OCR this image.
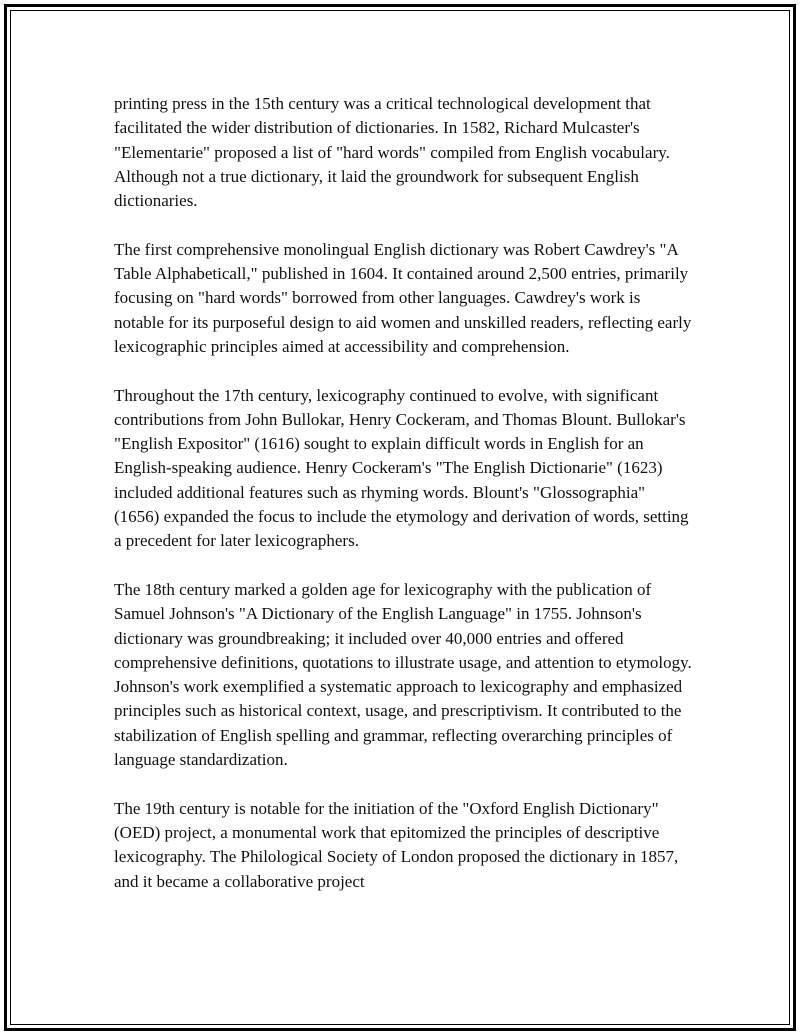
printing press in the 15th century was a critical technological development that facilitated the wider distribution of dictionaries. In 1582, Richard Mulcaster's "Elementarie" proposed a list of "hard words" compiled from English vocabulary. Although not a true dictionary, it laid the groundwork for subsequent English dictionaries.

The first comprehensive monolingual English dictionary was Robert Cawdrey's "A Table Alphabeticall," published in 1604. It contained around 2,500 entries, primarily focusing on "hard words" borrowed from other languages. Cawdrey's work is notable for its purposeful design to aid women and unskilled readers, reflecting early lexicographic principles aimed at accessibility and comprehension.

Throughout the 17th century, lexicography continued to evolve, with significant contributions from John Bullokar, Henry Cockeram, and Thomas Blount. Bullokar's "English Expositor" (1616) sought to explain difficult words in English for an English-speaking audience. Henry Cockeram's "The English Dictionarie" (1623) included additional features such as rhyming words. Blount's "Glossographia" (1656) expanded the focus to include the etymology and derivation of words, setting a precedent for later lexicographers.

The 18th century marked a golden age for lexicography with the publication of Samuel Johnson's "A Dictionary of the English Language" in 1755. Johnson's dictionary was groundbreaking; it included over 40,000 entries and offered comprehensive definitions, quotations to illustrate usage, and attention to etymology. Johnson's work exemplified a systematic approach to lexicography and emphasized principles such as historical context, usage, and prescriptivism. It contributed to the stabilization of English spelling and grammar, reflecting overarching principles of language standardization.

The 19th century is notable for the initiation of the "Oxford English Dictionary" (OED) project, a monumental work that epitomized the principles of descriptive lexicography. The Philological Society of London proposed the dictionary in 1857, and it became a collaborative project
